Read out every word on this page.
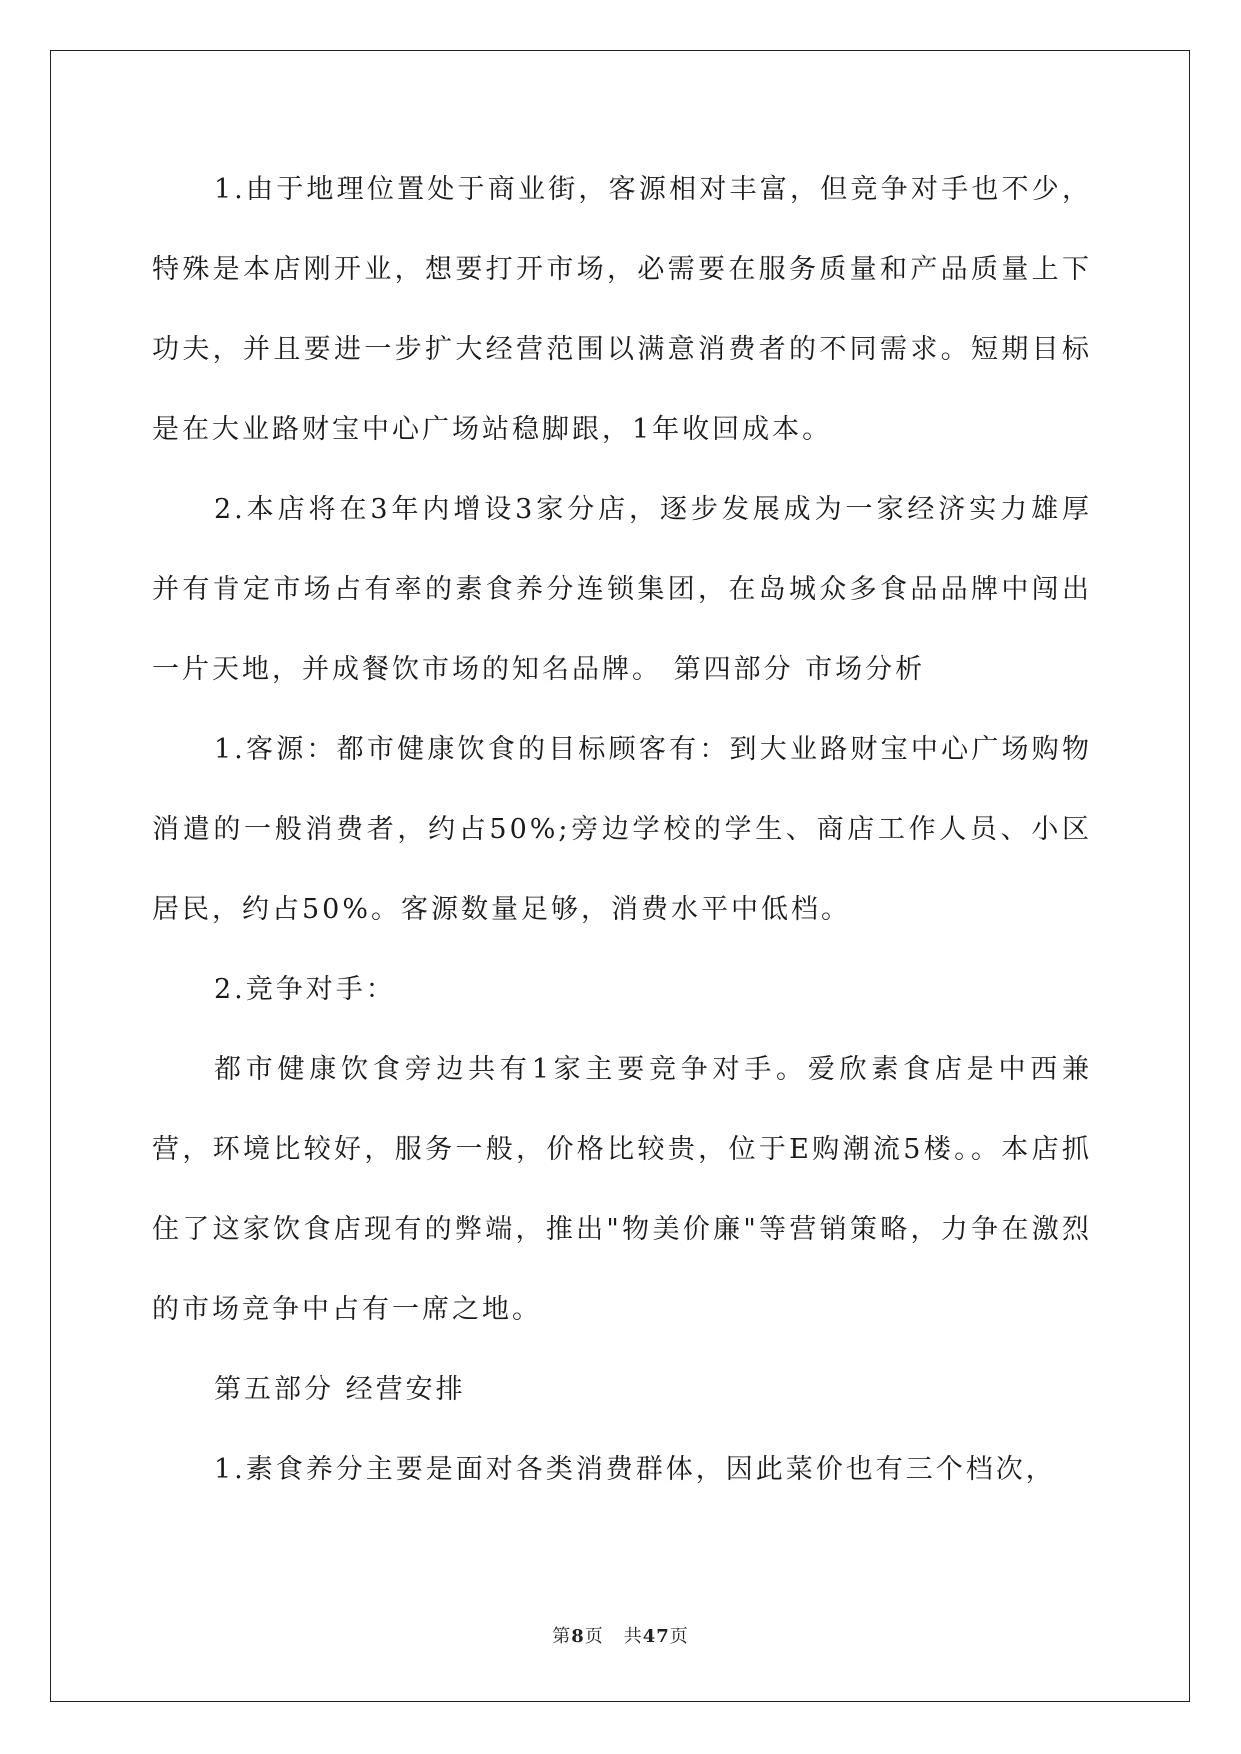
1.由于地理位置处于商业街，客源相对丰富，但竞争对手也不少，特殊是本店刚开业，想要打开市场，必需要在服务质量和产品质量上下功夫，并且要进一步扩大经营范围以满意消费者的不同需求。短期目标是在大业路财宝中心广场站稳脚跟，1年收回成本。

2.本店将在3年内增设3家分店，逐步发展成为一家经济实力雄厚并有肯定市场占有率的素食养分连锁集团，在岛城众多食品品牌中闯出一片天地，并成餐饮市场的知名品牌。 第四部分 市场分析

1.客源：都市健康饮食的目标顾客有：到大业路财宝中心广场购物消遣的一般消费者，约占50%;旁边学校的学生、商店工作人员、小区居民，约占50%。客源数量足够，消费水平中低档。

2.竞争对手：

都市健康饮食旁边共有1家主要竞争对手。爱欣素食店是中西兼营，环境比较好，服务一般，价格比较贵，位于E购潮流5楼。。本店抓住了这家饮食店现有的弊端，推出"物美价廉"等营销策略，力争在激烈的市场竞争中占有一席之地。

第五部分 经营安排

1.素食养分主要是面对各类消费群体，因此菜价也有三个档次，

第8页 共47页
